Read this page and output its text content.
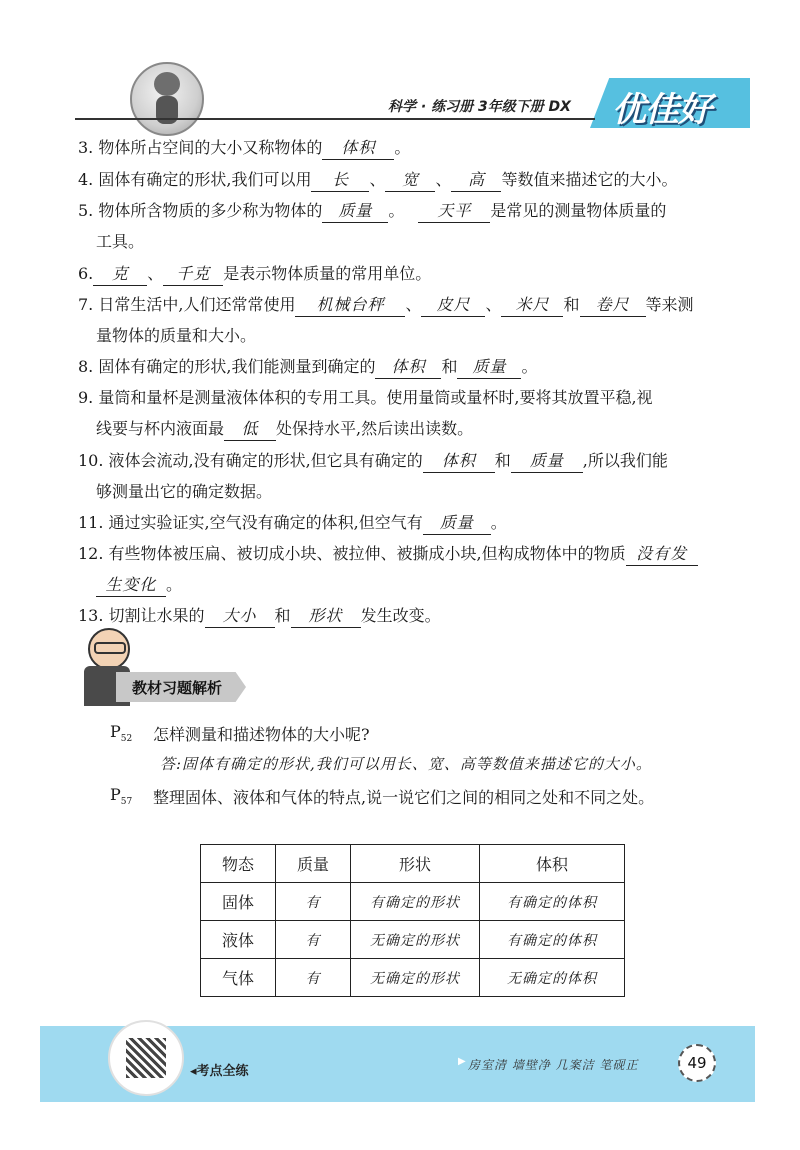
科学 · 练习册 3年级下册 DX 优佳好
3. 物体所占空间的大小又称物体的 体积 。
4. 固体有确定的形状,我们可以用 长 、 宽 、 高 等数值来描述它的大小。
5. 物体所含物质的多少称为物体的 质量 。 天平 是常见的测量物体质量的
工具。
6. 克 、 千克 是表示物体质量的常用单位。
7. 日常生活中,人们还常常使用 机械台秤 、 皮尺 、 米尺 和 卷尺 等来测
量物体的质量和大小。
8. 固体有确定的形状,我们能测量到确定的 体积 和 质量 。
9. 量筒和量杯是测量液体体积的专用工具。使用量筒或量杯时,要将其放置平稳,视
线要与杯内液面最 低 处保持水平,然后读出读数。
10. 液体会流动,没有确定的形状,但它具有确定的 体积 和 质量 ,所以我们能
够测量出它的确定数据。
11. 通过实验证实,空气没有确定的体积,但空气有 质量 。
12. 有些物体被压扁、被切成小块、被拉伸、被撕成小块,但构成物体中的物质 没有发
生变化 。
13. 切割让水果的 大小 和 形状 发生改变。
教材习题解析
$P_{52}$ 怎样测量和描述物体的大小呢?
答:固体有确定的形状,我们可以用长、宽、高等数值来描述它的大小。
$P_{57}$ 整理固体、液体和气体的特点,说一说它们之间的相同之处和不同之处。
物态	质量	形状	体积
固体	有	有确定的形状	有确定的体积
液体	有	无确定的形状	有确定的体积
气体	有	无确定的形状	无确定的体积
◂考点全练
▶ 房室清 墙壁净 几案洁 笔砚正	49
